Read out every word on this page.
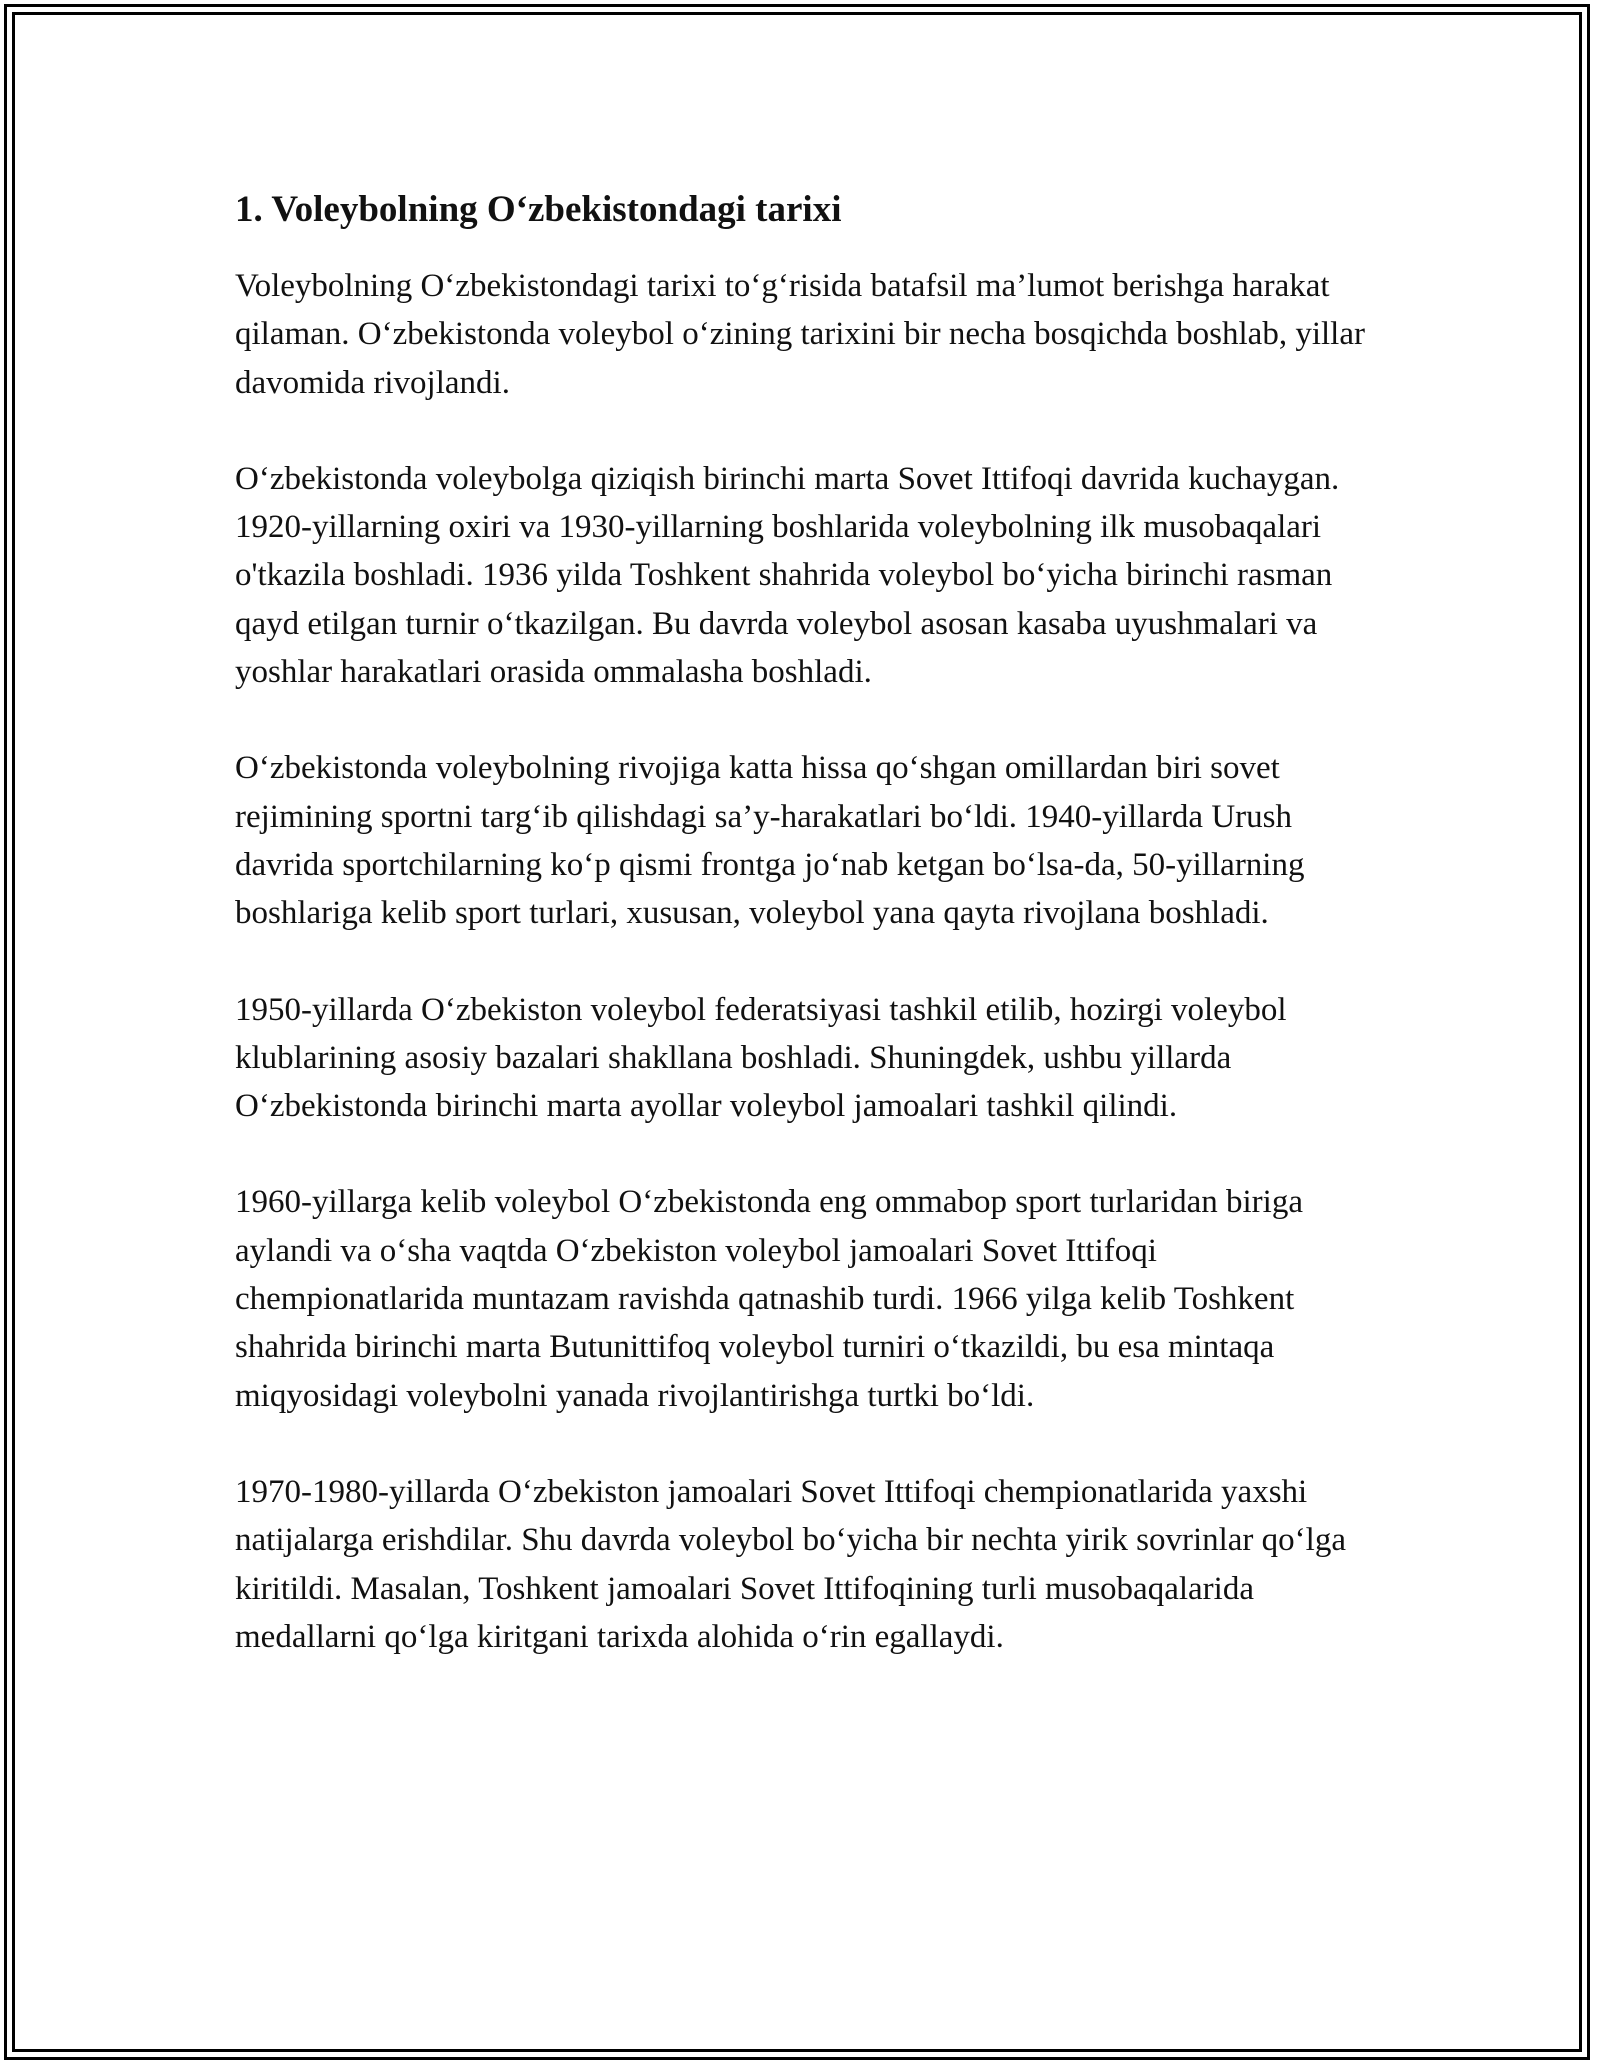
1. Voleybolning O‘zbekistondagi tarixi

Voleybolning O‘zbekistondagi tarixi to‘g‘risida batafsil ma’lumot berishga harakat qilaman. O‘zbekistonda voleybol o‘zining tarixini bir necha bosqichda boshlab, yillar davomida rivojlandi.

O‘zbekistonda voleybolga qiziqish birinchi marta Sovet Ittifoqi davrida kuchaygan. 1920-yillarning oxiri va 1930-yillarning boshlarida voleybolning ilk musobaqalari o'tkazila boshladi. 1936 yilda Toshkent shahrida voleybol bo‘yicha birinchi rasman qayd etilgan turnir o‘tkazilgan. Bu davrda voleybol asosan kasaba uyushmalari va yoshlar harakatlari orasida ommalasha boshladi.

O‘zbekistonda voleybolning rivojiga katta hissa qo‘shgan omillardan biri sovet rejimining sportni targ‘ib qilishdagi sa’y-harakatlari bo‘ldi. 1940-yillarda Urush davrida sportchilarning ko‘p qismi frontga jo‘nab ketgan bo‘lsa-da, 50-yillarning boshlariga kelib sport turlari, xususan, voleybol yana qayta rivojlana boshladi.

1950-yillarda O‘zbekiston voleybol federatsiyasi tashkil etilib, hozirgi voleybol klublarining asosiy bazalari shakllana boshladi. Shuningdek, ushbu yillarda O‘zbekistonda birinchi marta ayollar voleybol jamoalari tashkil qilindi.

1960-yillarga kelib voleybol O‘zbekistonda eng ommabop sport turlaridan biriga aylandi va o‘sha vaqtda O‘zbekiston voleybol jamoalari Sovet Ittifoqi chempionatlarida muntazam ravishda qatnashib turdi. 1966 yilga kelib Toshkent shahrida birinchi marta Butunittifoq voleybol turniri o‘tkazildi, bu esa mintaqa miqyosidagi voleybolni yanada rivojlantirishga turtki bo‘ldi.

1970-1980-yillarda O‘zbekiston jamoalari Sovet Ittifoqi chempionatlarida yaxshi natijalarga erishdilar. Shu davrda voleybol bo‘yicha bir nechta yirik sovrinlar qo‘lga kiritildi. Masalan, Toshkent jamoalari Sovet Ittifoqining turli musobaqalarida medallarni qo‘lga kiritgani tarixda alohida o‘rin egallaydi.
